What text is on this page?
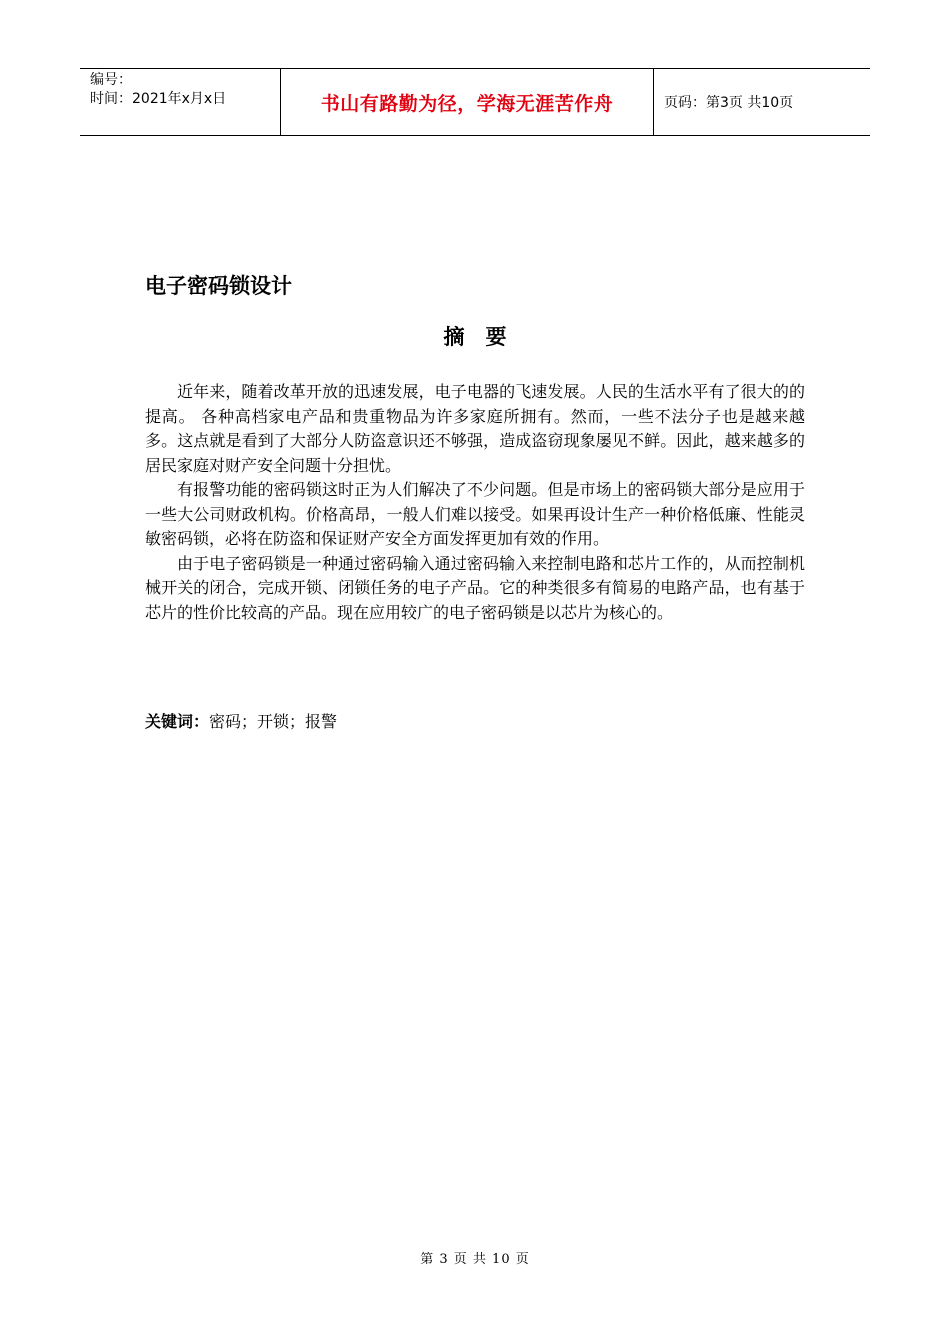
编号：
时间：2021年x月x日	书山有路勤为径，学海无涯苦作舟	页码：第3页 共10页
电子密码锁设计
摘　要

近年来，随着改革开放的迅速发展，电子电器的飞速发展。人民的生活水平有了很大的的提高。 各种高档家电产品和贵重物品为许多家庭所拥有。然而，一些不法分子也是越来越多。这点就是看到了大部分人防盗意识还不够强，造成盗窃现象屡见不鲜。因此，越来越多的居民家庭对财产安全问题十分担忧。

有报警功能的密码锁这时正为人们解决了不少问题。但是市场上的密码锁大部分是应用于一些大公司财政机构。价格高昂，一般人们难以接受。如果再设计生产一种价格低廉、性能灵敏密码锁，必将在防盗和保证财产安全方面发挥更加有效的作用。

由于电子密码锁是一种通过密码输入通过密码输入来控制电路和芯片工作的，从而控制机械开关的闭合，完成开锁、闭锁任务的电子产品。它的种类很多有简易的电路产品，也有基于芯片的性价比较高的产品。现在应用较广的电子密码锁是以芯片为核心的。

关键词：密码；开锁；报警
第 3 页 共 10 页
